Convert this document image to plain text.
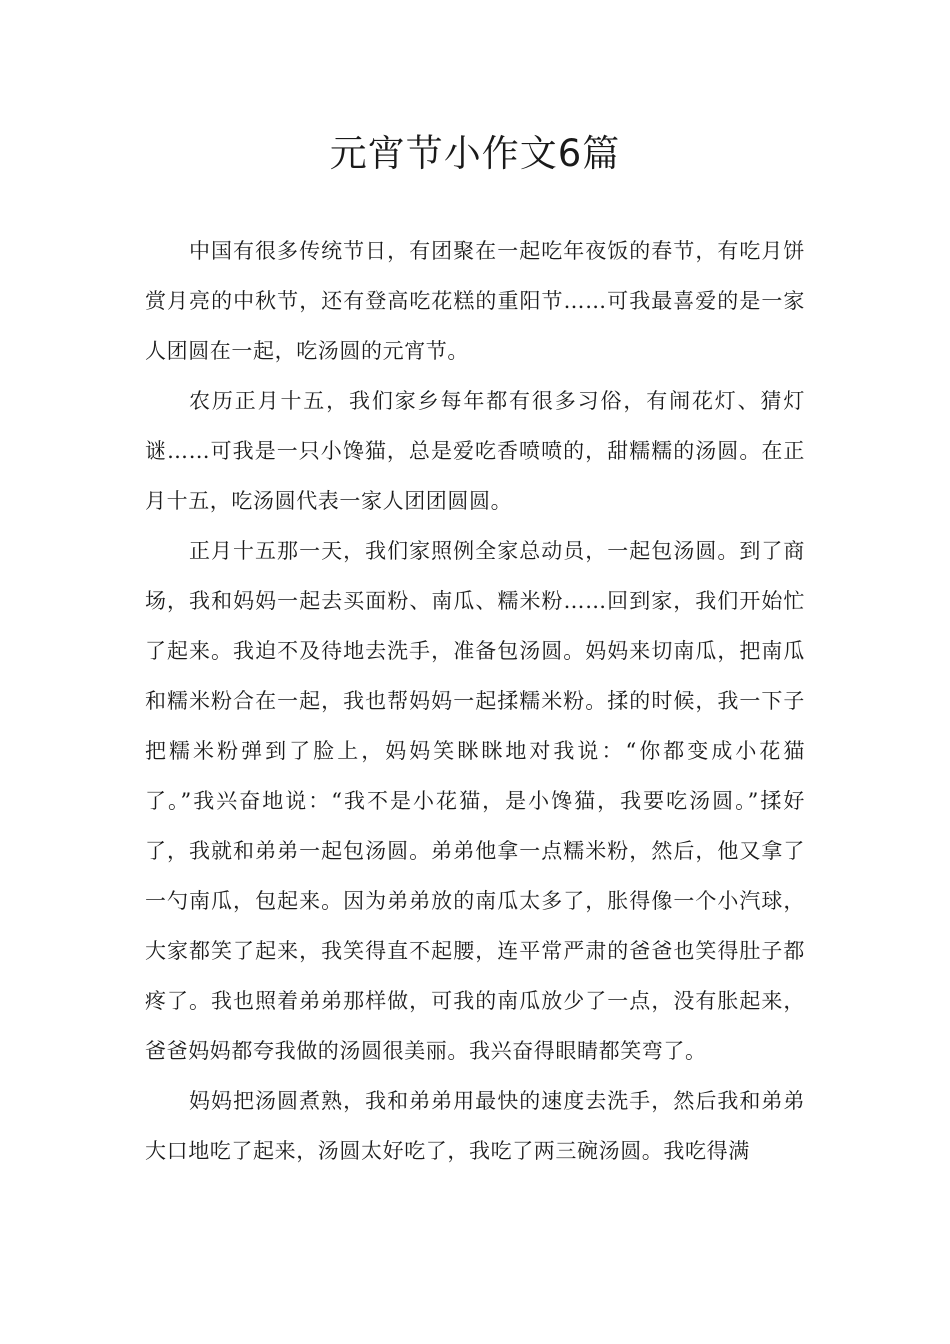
元宵节小作文6篇

中国有很多传统节日，有团聚在一起吃年夜饭的春节，有吃月饼赏月亮的中秋节，还有登高吃花糕的重阳节……可我最喜爱的是一家人团圆在一起，吃汤圆的元宵节。

农历正月十五，我们家乡每年都有很多习俗，有闹花灯、猜灯谜……可我是一只小馋猫，总是爱吃香喷喷的，甜糯糯的汤圆。在正月十五，吃汤圆代表一家人团团圆圆。

正月十五那一天，我们家照例全家总动员，一起包汤圆。到了商场，我和妈妈一起去买面粉、南瓜、糯米粉……回到家，我们开始忙了起来。我迫不及待地去洗手，准备包汤圆。妈妈来切南瓜，把南瓜和糯米粉合在一起，我也帮妈妈一起揉糯米粉。揉的时候，我一下子把糯米粉弹到了脸上，妈妈笑眯眯地对我说：“你都变成小花猫了。”我兴奋地说：“我不是小花猫，是小馋猫，我要吃汤圆。”揉好了，我就和弟弟一起包汤圆。弟弟他拿一点糯米粉，然后，他又拿了一勺南瓜，包起来。因为弟弟放的南瓜太多了，胀得像一个小汽球，大家都笑了起来，我笑得直不起腰，连平常严肃的爸爸也笑得肚子都疼了。我也照着弟弟那样做，可我的南瓜放少了一点，没有胀起来，爸爸妈妈都夸我做的汤圆很美丽。我兴奋得眼睛都笑弯了。

妈妈把汤圆煮熟，我和弟弟用最快的速度去洗手，然后我和弟弟大口地吃了起来，汤圆太好吃了，我吃了两三碗汤圆。我吃得满
